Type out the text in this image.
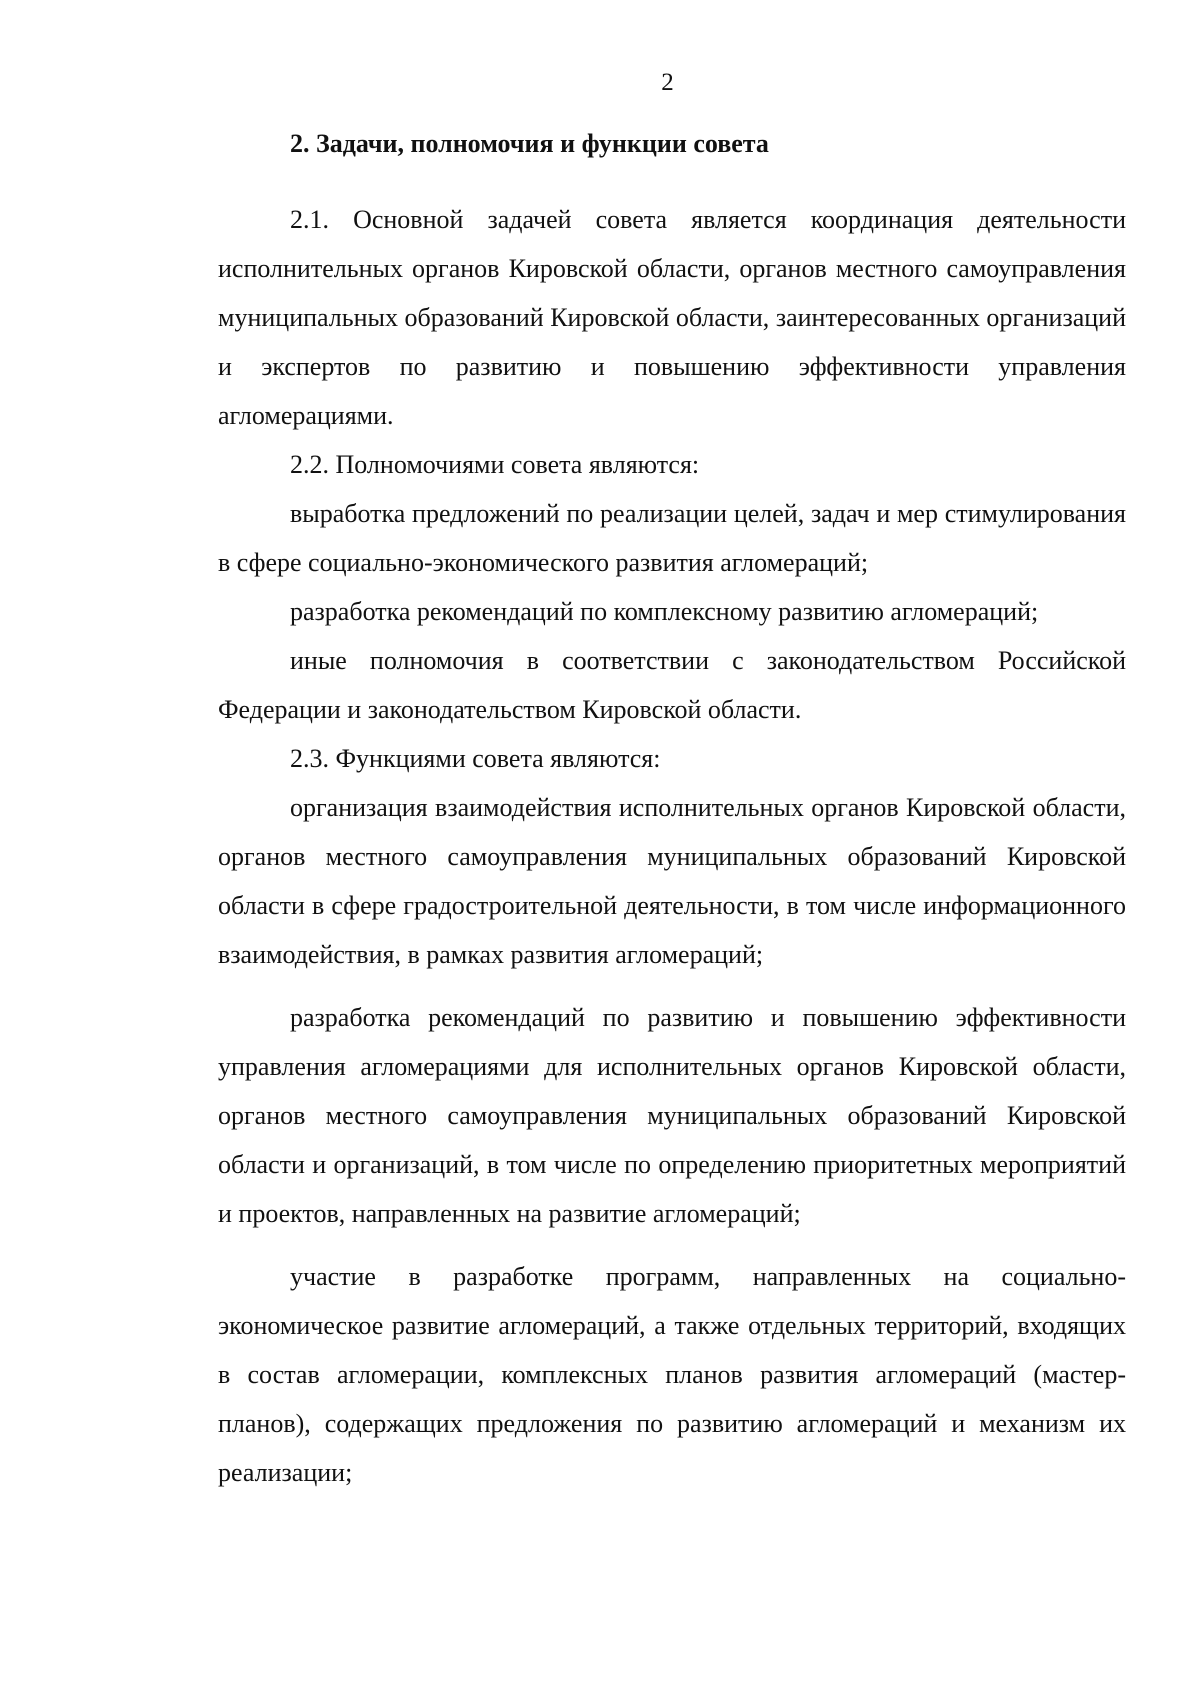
2

2. Задачи, полномочия и функции совета

2.1. Основной задачей совета является координация деятельности исполнительных органов Кировской области, органов местного самоуправления муниципальных образований Кировской области, заинтересованных организаций и экспертов по развитию и повышению эффективности управления агломерациями.

2.2. Полномочиями совета являются:

выработка предложений по реализации целей, задач и мер стимулирования в сфере социально-экономического развития агломераций;

разработка рекомендаций по комплексному развитию агломераций;

иные полномочия в соответствии с законодательством Российской Федерации и законодательством Кировской области.

2.3. Функциями совета являются:

организация взаимодействия исполнительных органов Кировской области, органов местного самоуправления муниципальных образований Кировской области в сфере градостроительной деятельности, в том числе информационного взаимодействия, в рамках развития агломераций;

разработка рекомендаций по развитию и повышению эффективности управления агломерациями для исполнительных органов Кировской области, органов местного самоуправления муниципальных образований Кировской области и организаций, в том числе по определению приоритетных мероприятий и проектов, направленных на развитие агломераций;

участие в разработке программ, направленных на социально-экономическое развитие агломераций, а также отдельных территорий, входящих в состав агломерации, комплексных планов развития агломераций (мастер-планов), содержащих предложения по развитию агломераций и механизм их реализации;
